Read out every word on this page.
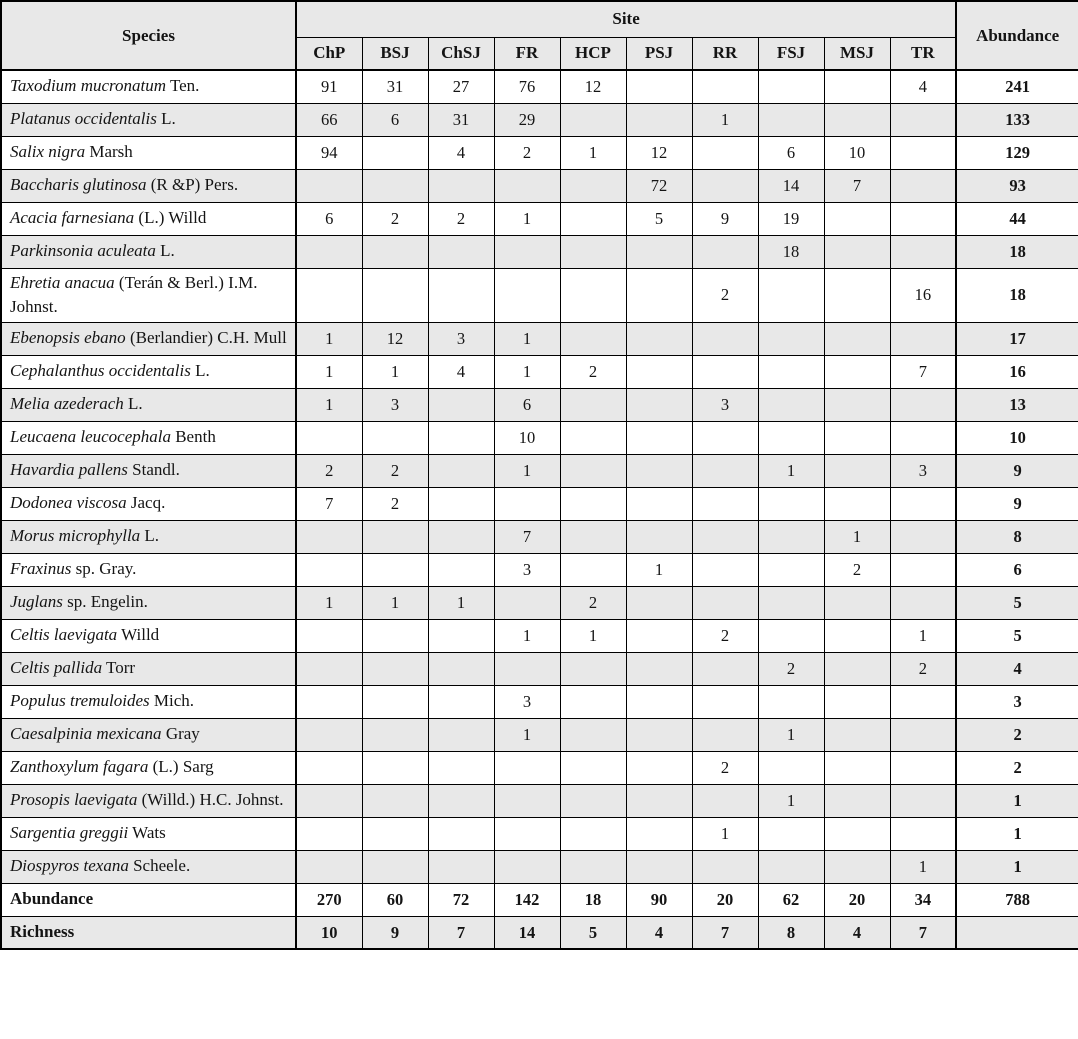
Species	Site										Abundance
	ChP	BSJ	ChSJ	FR	HCP	PSJ	RR	FSJ	MSJ	TR	
Taxodium mucronatum Ten.	91	31	27	76	12					4	241
Platanus occidentalis L.	66	6	31	29			1				133
Salix nigra Marsh	94		4	2	1	12		6	10		129
Baccharis glutinosa (R &P) Pers.						72		14	7		93
Acacia farnesiana (L.) Willd	6	2	2	1		5	9	19			44
Parkinsonia aculeata L.								18			18
Ehretia anacua (Terán & Berl.) I.M. Johnst.							2			16	18
Ebenopsis ebano (Berlandier) C.H. Mull	1	12	3	1							17
Cephalanthus occidentalis L.	1	1	4	1	2					7	16
Melia azederach L.	1	3		6			3				13
Leucaena leucocephala Benth				10							10
Havardia pallens Standl.	2	2		1				1		3	9
Dodonea viscosa Jacq.	7	2									9
Morus microphylla L.				7					1		8
Fraxinus sp. Gray.				3		1			2		6
Juglans sp. Engelin.	1	1	1		2						5
Celtis laevigata Willd				1	1		2			1	5
Celtis pallida Torr								2		2	4
Populus tremuloides Mich.				3							3
Caesalpinia mexicana Gray				1				1			2
Zanthoxylum fagara (L.) Sarg							2				2
Prosopis laevigata (Willd.) H.C. Johnst.								1			1
Sargentia greggii Wats							1				1
Diospyros texana Scheele.										1	1
Abundance	270	60	72	142	18	90	20	62	20	34	788
Richness	10	9	7	14	5	4	7	8	4	7	
